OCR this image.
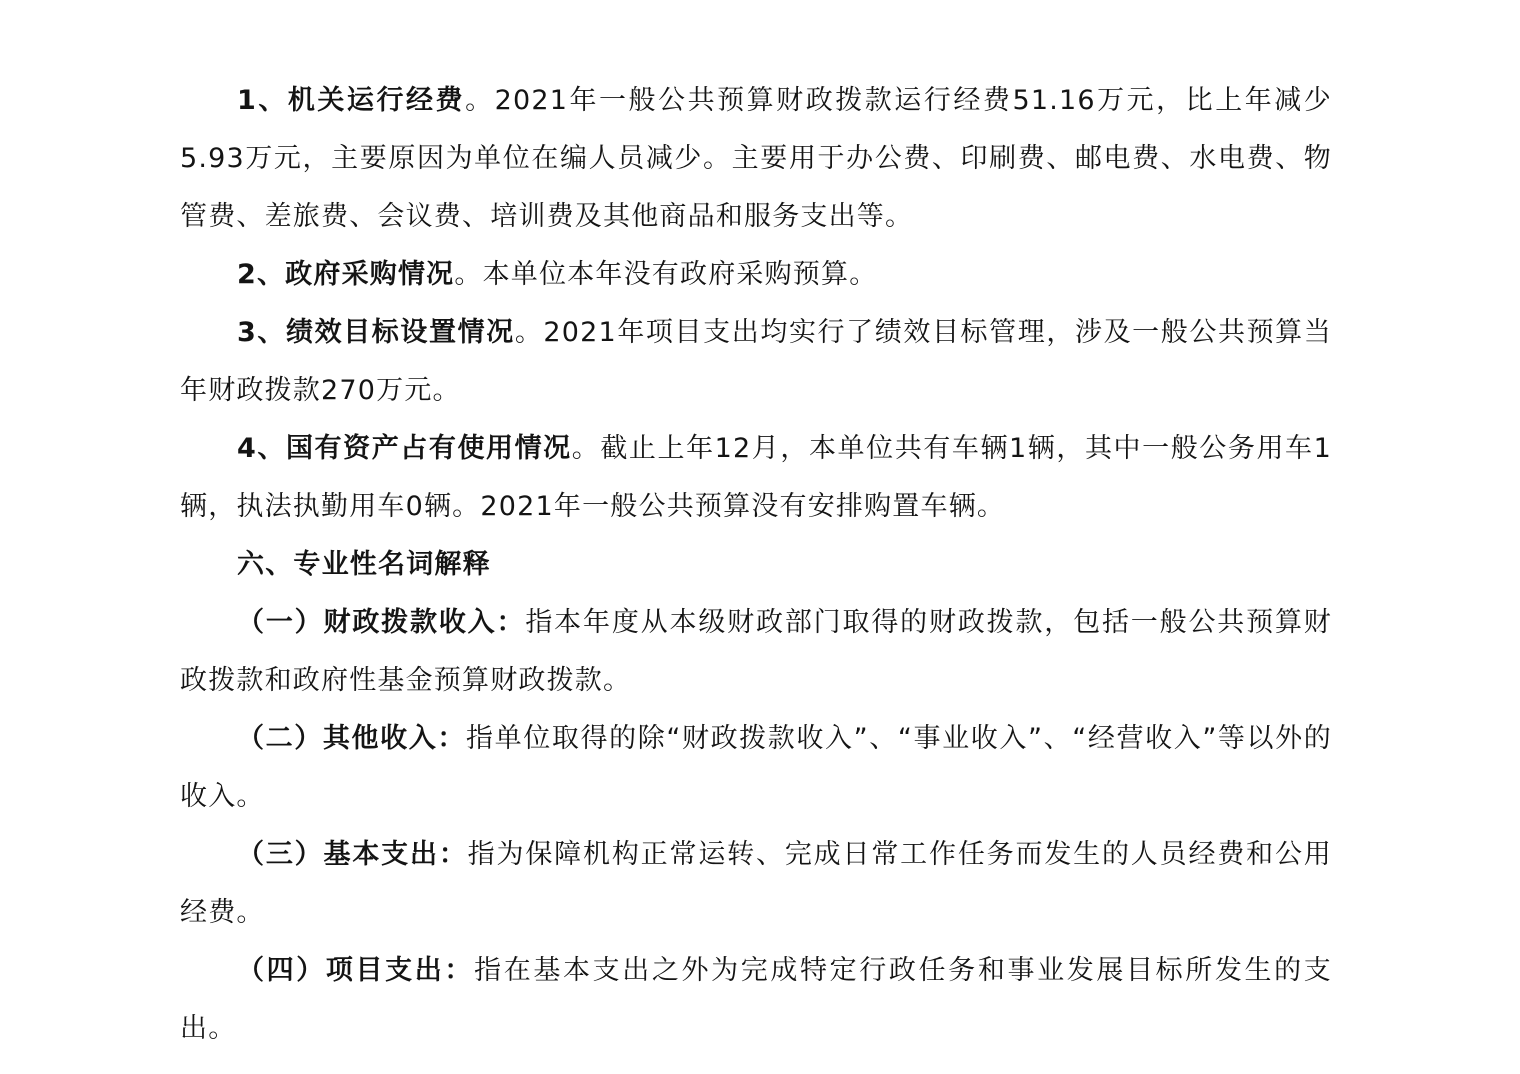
1、机关运行经费。2021年一般公共预算财政拨款运行经费51.16万元，比上年减少5.93万元，主要原因为单位在编人员减少。主要用于办公费、印刷费、邮电费、水电费、物管费、差旅费、会议费、培训费及其他商品和服务支出等。

2、政府采购情况。本单位本年没有政府采购预算。

3、绩效目标设置情况。2021年项目支出均实行了绩效目标管理，涉及一般公共预算当年财政拨款270万元。

4、国有资产占有使用情况。截止上年12月，本单位共有车辆1辆，其中一般公务用车1辆，执法执勤用车0辆。2021年一般公共预算没有安排购置车辆。

六、专业性名词解释

（一）财政拨款收入：指本年度从本级财政部门取得的财政拨款，包括一般公共预算财政拨款和政府性基金预算财政拨款。

（二）其他收入：指单位取得的除“财政拨款收入”、“事业收入”、“经营收入”等以外的收入。

（三）基本支出：指为保障机构正常运转、完成日常工作任务而发生的人员经费和公用经费。

（四）项目支出：指在基本支出之外为完成特定行政任务和事业发展目标所发生的支出。
